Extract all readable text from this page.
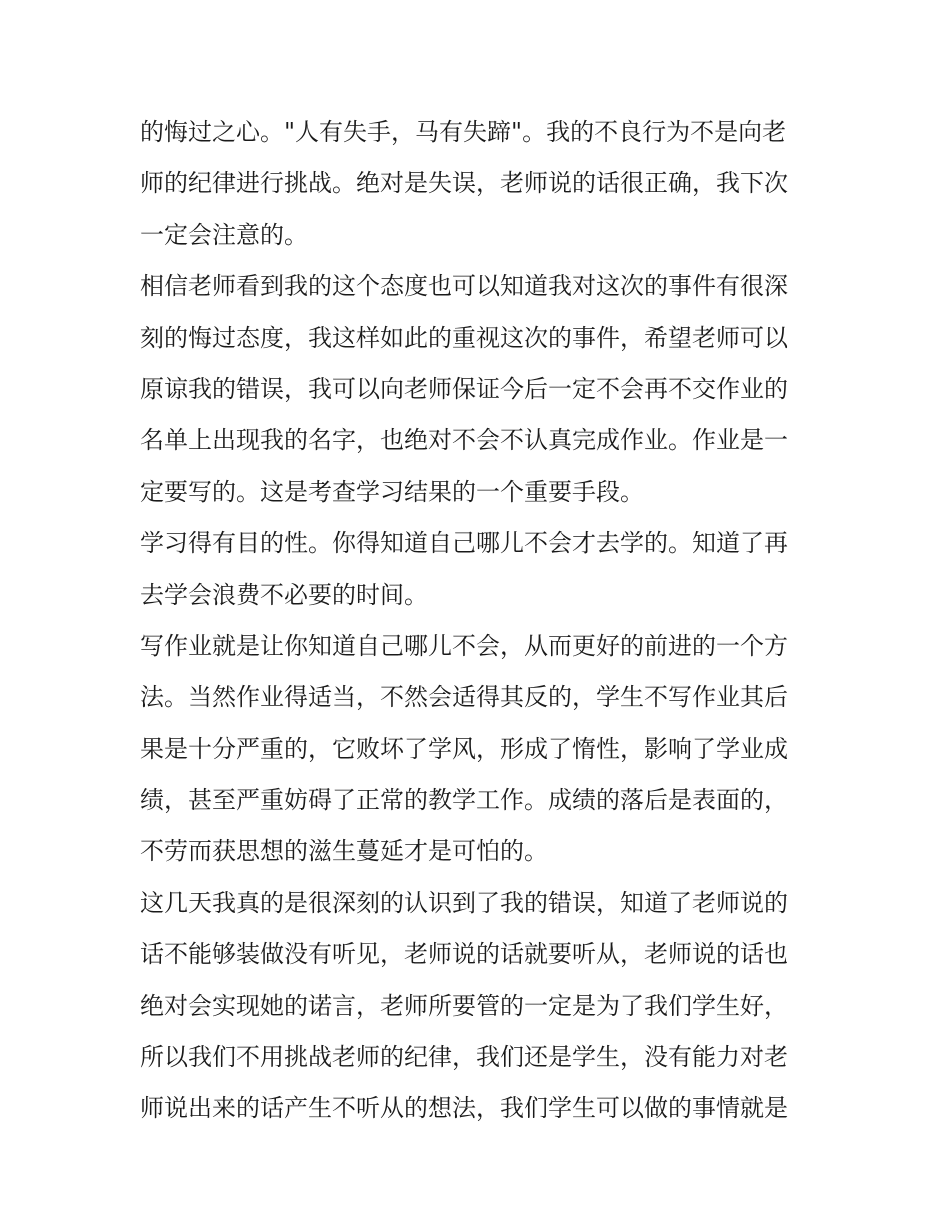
的悔过之心。"人有失手，马有失蹄"。我的不良行为不是向老
师的纪律进行挑战。绝对是失误，老师说的话很正确，我下次
一定会注意的。
相信老师看到我的这个态度也可以知道我对这次的事件有很深
刻的悔过态度，我这样如此的重视这次的事件，希望老师可以
原谅我的错误，我可以向老师保证今后一定不会再不交作业的
名单上出现我的名字，也绝对不会不认真完成作业。作业是一
定要写的。这是考查学习结果的一个重要手段。
学习得有目的性。你得知道自己哪儿不会才去学的。知道了再
去学会浪费不必要的时间。
写作业就是让你知道自己哪儿不会，从而更好的前进的一个方
法。当然作业得适当，不然会适得其反的，学生不写作业其后
果是十分严重的，它败坏了学风，形成了惰性，影响了学业成
绩，甚至严重妨碍了正常的教学工作。成绩的落后是表面的，
不劳而获思想的滋生蔓延才是可怕的。
这几天我真的是很深刻的认识到了我的错误，知道了老师说的
话不能够装做没有听见，老师说的话就要听从，老师说的话也
绝对会实现她的诺言，老师所要管的一定是为了我们学生好，
所以我们不用挑战老师的纪律，我们还是学生，没有能力对老
师说出来的话产生不听从的想法，我们学生可以做的事情就是
